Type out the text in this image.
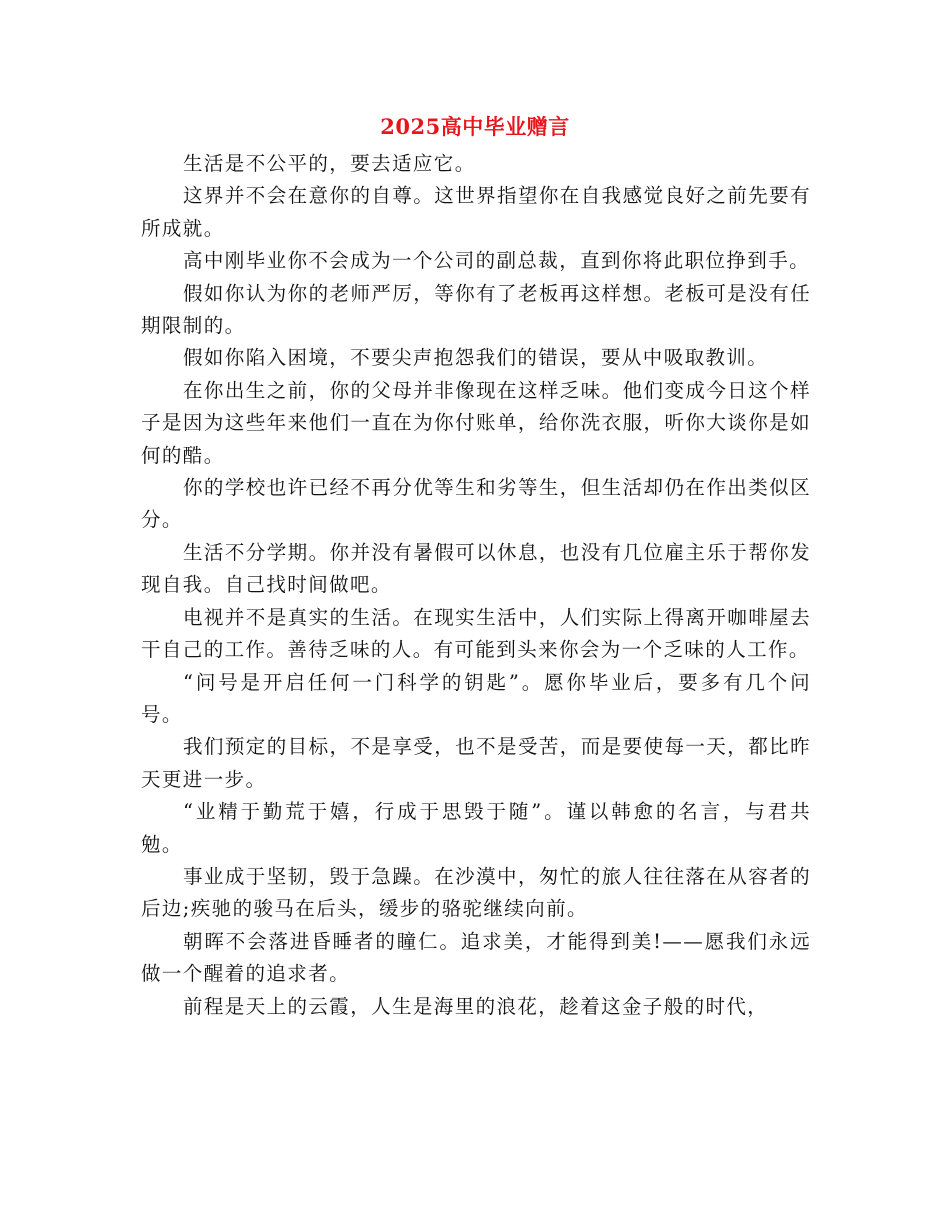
2025高中毕业赠言

生活是不公平的，要去适应它。

这界并不会在意你的自尊。这世界指望你在自我感觉良好之前先要有所成就。

高中刚毕业你不会成为一个公司的副总裁，直到你将此职位挣到手。

假如你认为你的老师严厉，等你有了老板再这样想。老板可是没有任期限制的。

假如你陷入困境，不要尖声抱怨我们的错误，要从中吸取教训。

在你出生之前，你的父母并非像现在这样乏味。他们变成今日这个样子是因为这些年来他们一直在为你付账单，给你洗衣服，听你大谈你是如何的酷。

你的学校也许已经不再分优等生和劣等生，但生活却仍在作出类似区分。

生活不分学期。你并没有暑假可以休息，也没有几位雇主乐于帮你发现自我。自己找时间做吧。

电视并不是真实的生活。在现实生活中，人们实际上得离开咖啡屋去干自己的工作。善待乏味的人。有可能到头来你会为一个乏味的人工作。

“问号是开启任何一门科学的钥匙”。愿你毕业后，要多有几个问号。

我们预定的目标，不是享受，也不是受苦，而是要使每一天，都比昨天更进一步。

“业精于勤荒于嬉，行成于思毁于随”。谨以韩愈的名言，与君共勉。

事业成于坚韧，毁于急躁。在沙漠中，匆忙的旅人往往落在从容者的后边;疾驰的骏马在后头，缓步的骆驼继续向前。

朝晖不会落进昏睡者的瞳仁。追求美，才能得到美!——愿我们永远做一个醒着的追求者。

前程是天上的云霞，人生是海里的浪花，趁着这金子般的时代，
